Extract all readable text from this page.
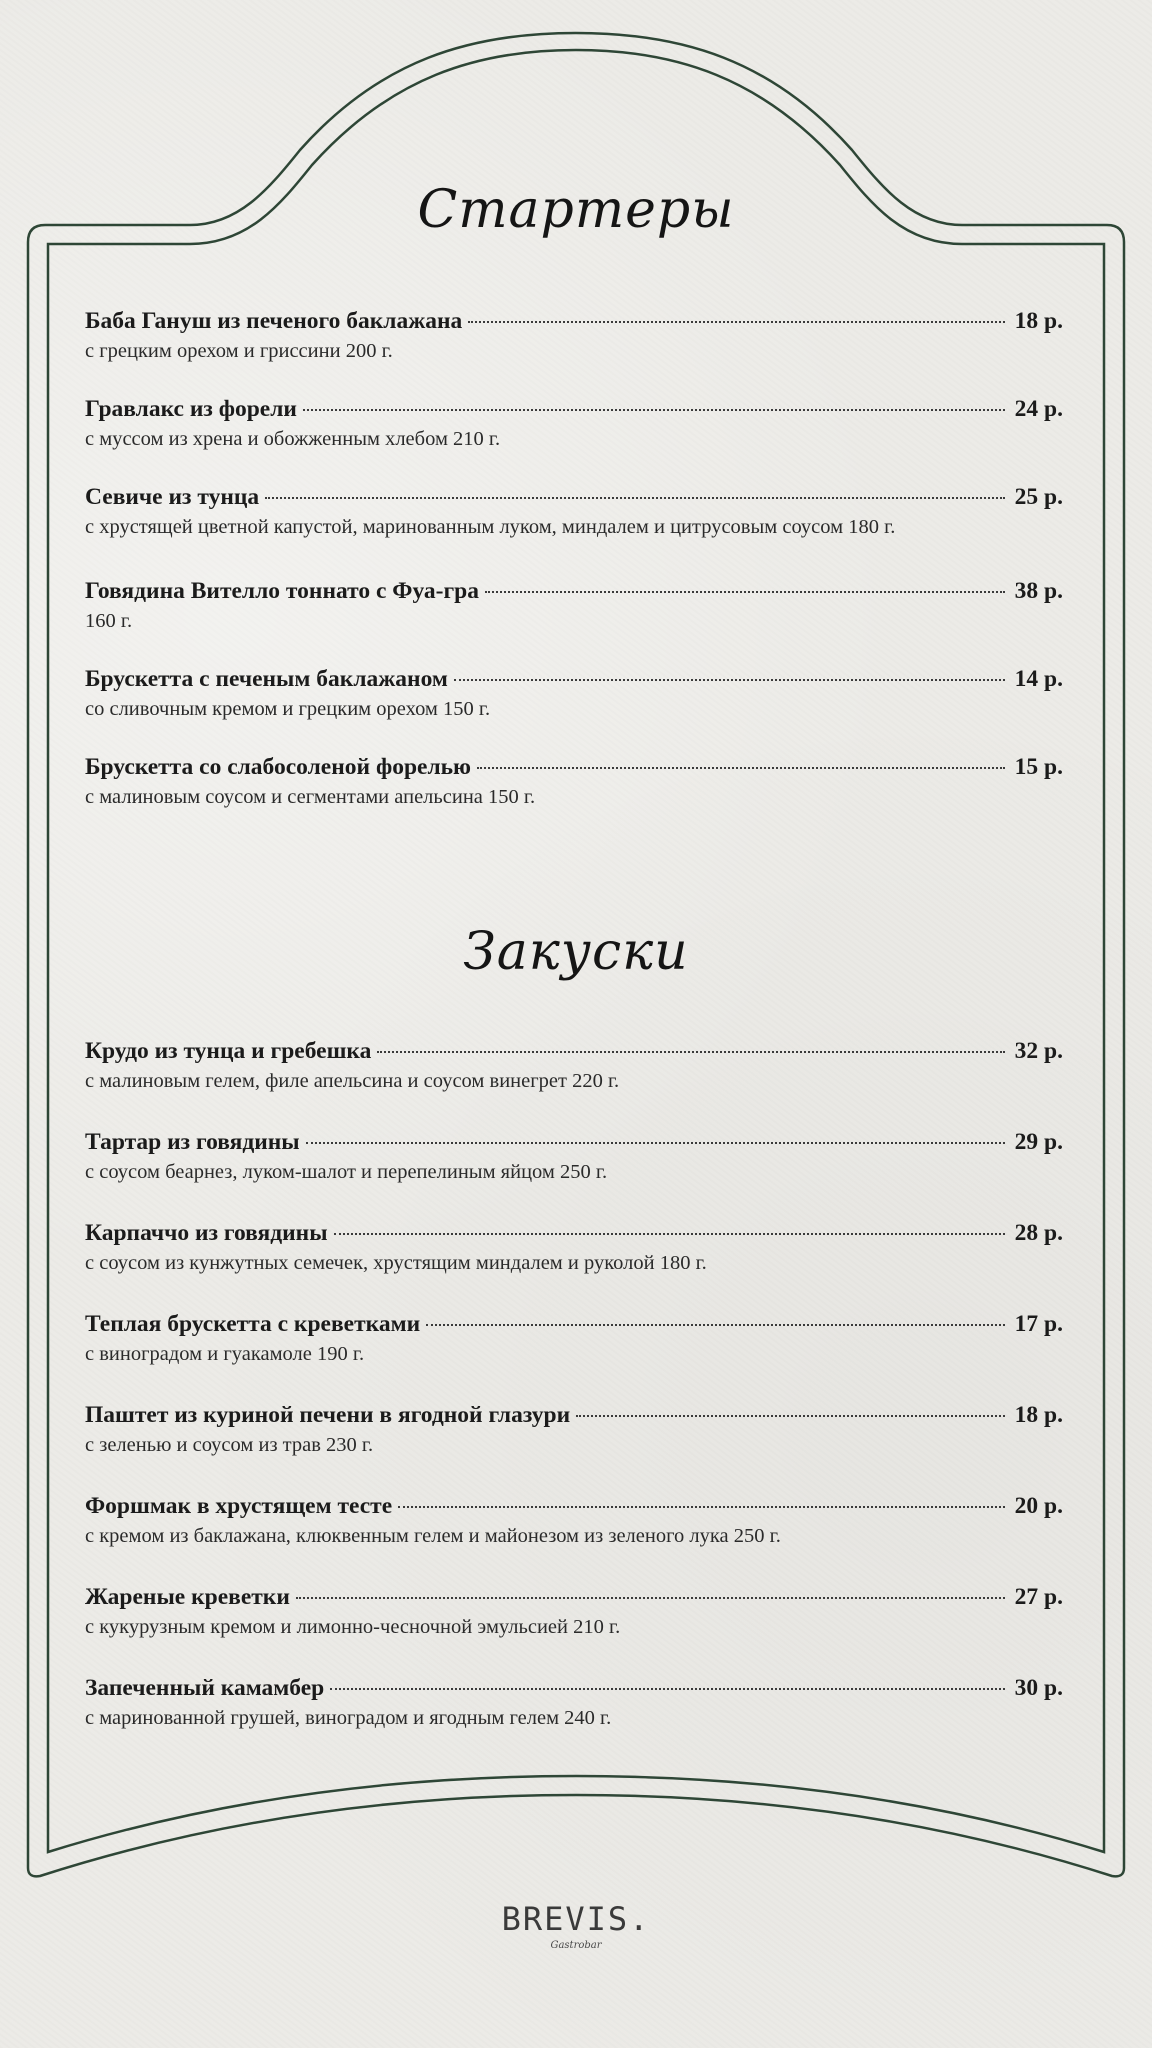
Стартеры
Баба Гануш из печеного баклажана	18 р.
с грецким орехом и гриссини 200 г.
Гравлакс из форели	24 р.
с муссом из хрена и обожженным хлебом 210 г.
Севиче из тунца	25 р.
с хрустящей цветной капустой, маринованным луком, миндалем и цитрусовым соусом 180 г.
Говядина Вителло тоннато с Фуа-гра	38 р.
160 г.
Брускетта с печеным баклажаном	14 р.
со сливочным кремом и грецким орехом 150 г.
Брускетта со слабосоленой форелью	15 р.
с малиновым соусом и сегментами апельсина 150 г.
Закуски
Крудо из тунца и гребешка	32 р.
с малиновым гелем, филе апельсина и соусом винегрет 220 г.
Тартар из говядины	29 р.
с соусом беарнез, луком-шалот и перепелиным яйцом 250 г.
Карпаччо из говядины	28 р.
с соусом из кунжутных семечек, хрустящим миндалем и руколой 180 г.
Теплая брускетта с креветками	17 р.
с виноградом и гуакамоле 190 г.
Паштет из куриной печени в ягодной глазури	18 р.
с зеленью и соусом из трав 230 г.
Форшмак в хрустящем тесте	20 р.
с кремом из баклажана, клюквенным гелем и майонезом из зеленого лука 250 г.
Жареные креветки	27 р.
с кукурузным кремом и лимонно-чесночной эмульсией 210 г.
Запеченный камамбер	30 р.
с маринованной грушей, виноградом и ягодным гелем 240 г.
BREVIS.
Gastrobar
